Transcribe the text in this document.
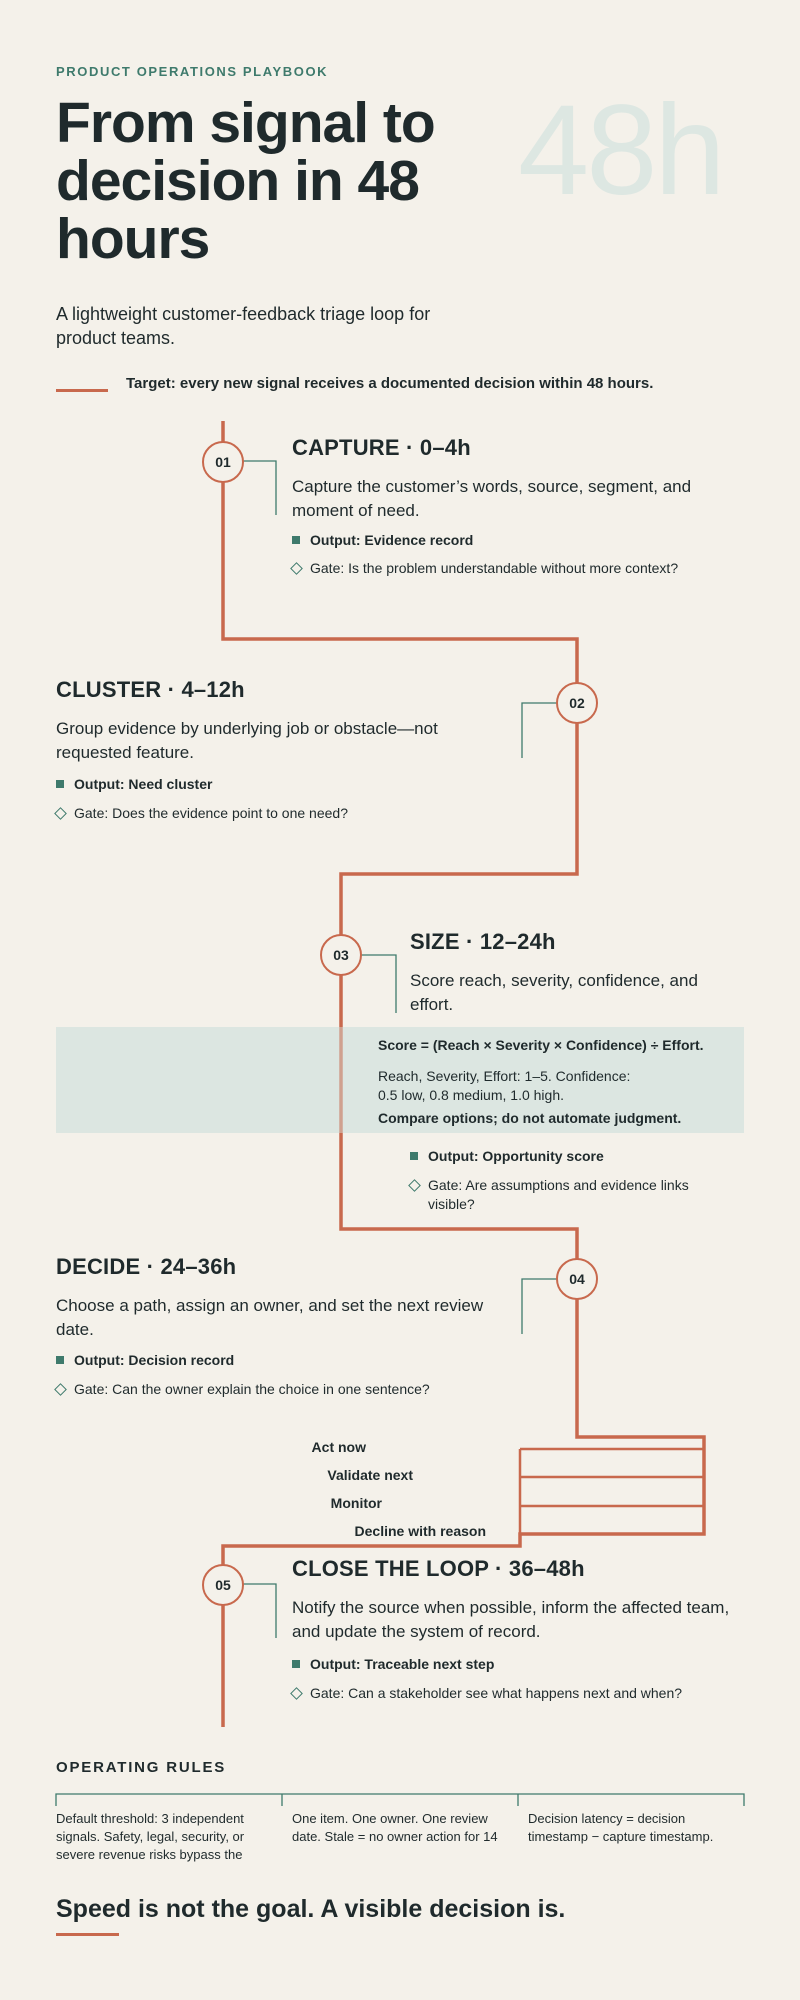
PRODUCT OPERATIONS PLAYBOOK
48h
From signal to decision in 48 hours
A lightweight customer-feedback triage loop for product teams.
Target: every new signal receives a documented decision within 48 hours.
01
CAPTURE · 0–4h
Capture the customer’s words, source, segment, and moment of need.
Output: Evidence record
Gate: Is the problem understandable without more context?
02
CLUSTER · 4–12h
Group evidence by underlying job or obstacle—not requested feature.
Output: Need cluster
Gate: Does the evidence point to one need?
03
SIZE · 12–24h
Score reach, severity, confidence, and effort.
Score = (Reach × Severity × Confidence) ÷ Effort.
Reach, Severity, Effort: 1–5. Confidence: 0.5 low, 0.8 medium, 1.0 high.
Compare options; do not automate judgment.
Output: Opportunity score
Gate: Are assumptions and evidence links visible?
04
DECIDE · 24–36h
Choose a path, assign an owner, and set the next review date.
Output: Decision record
Gate: Can the owner explain the choice in one sentence?
Act now
Validate next
Monitor
Decline with reason
05
CLOSE THE LOOP · 36–48h
Notify the source when possible, inform the affected team, and update the system of record.
Output: Traceable next step
Gate: Can a stakeholder see what happens next and when?
OPERATING RULES
Default threshold: 3 independent signals. Safety, legal, security, or severe revenue risks bypass the
One item. One owner. One review date. Stale = no owner action for 14
Decision latency = decision timestamp − capture timestamp.
Speed is not the goal. A visible decision is.
